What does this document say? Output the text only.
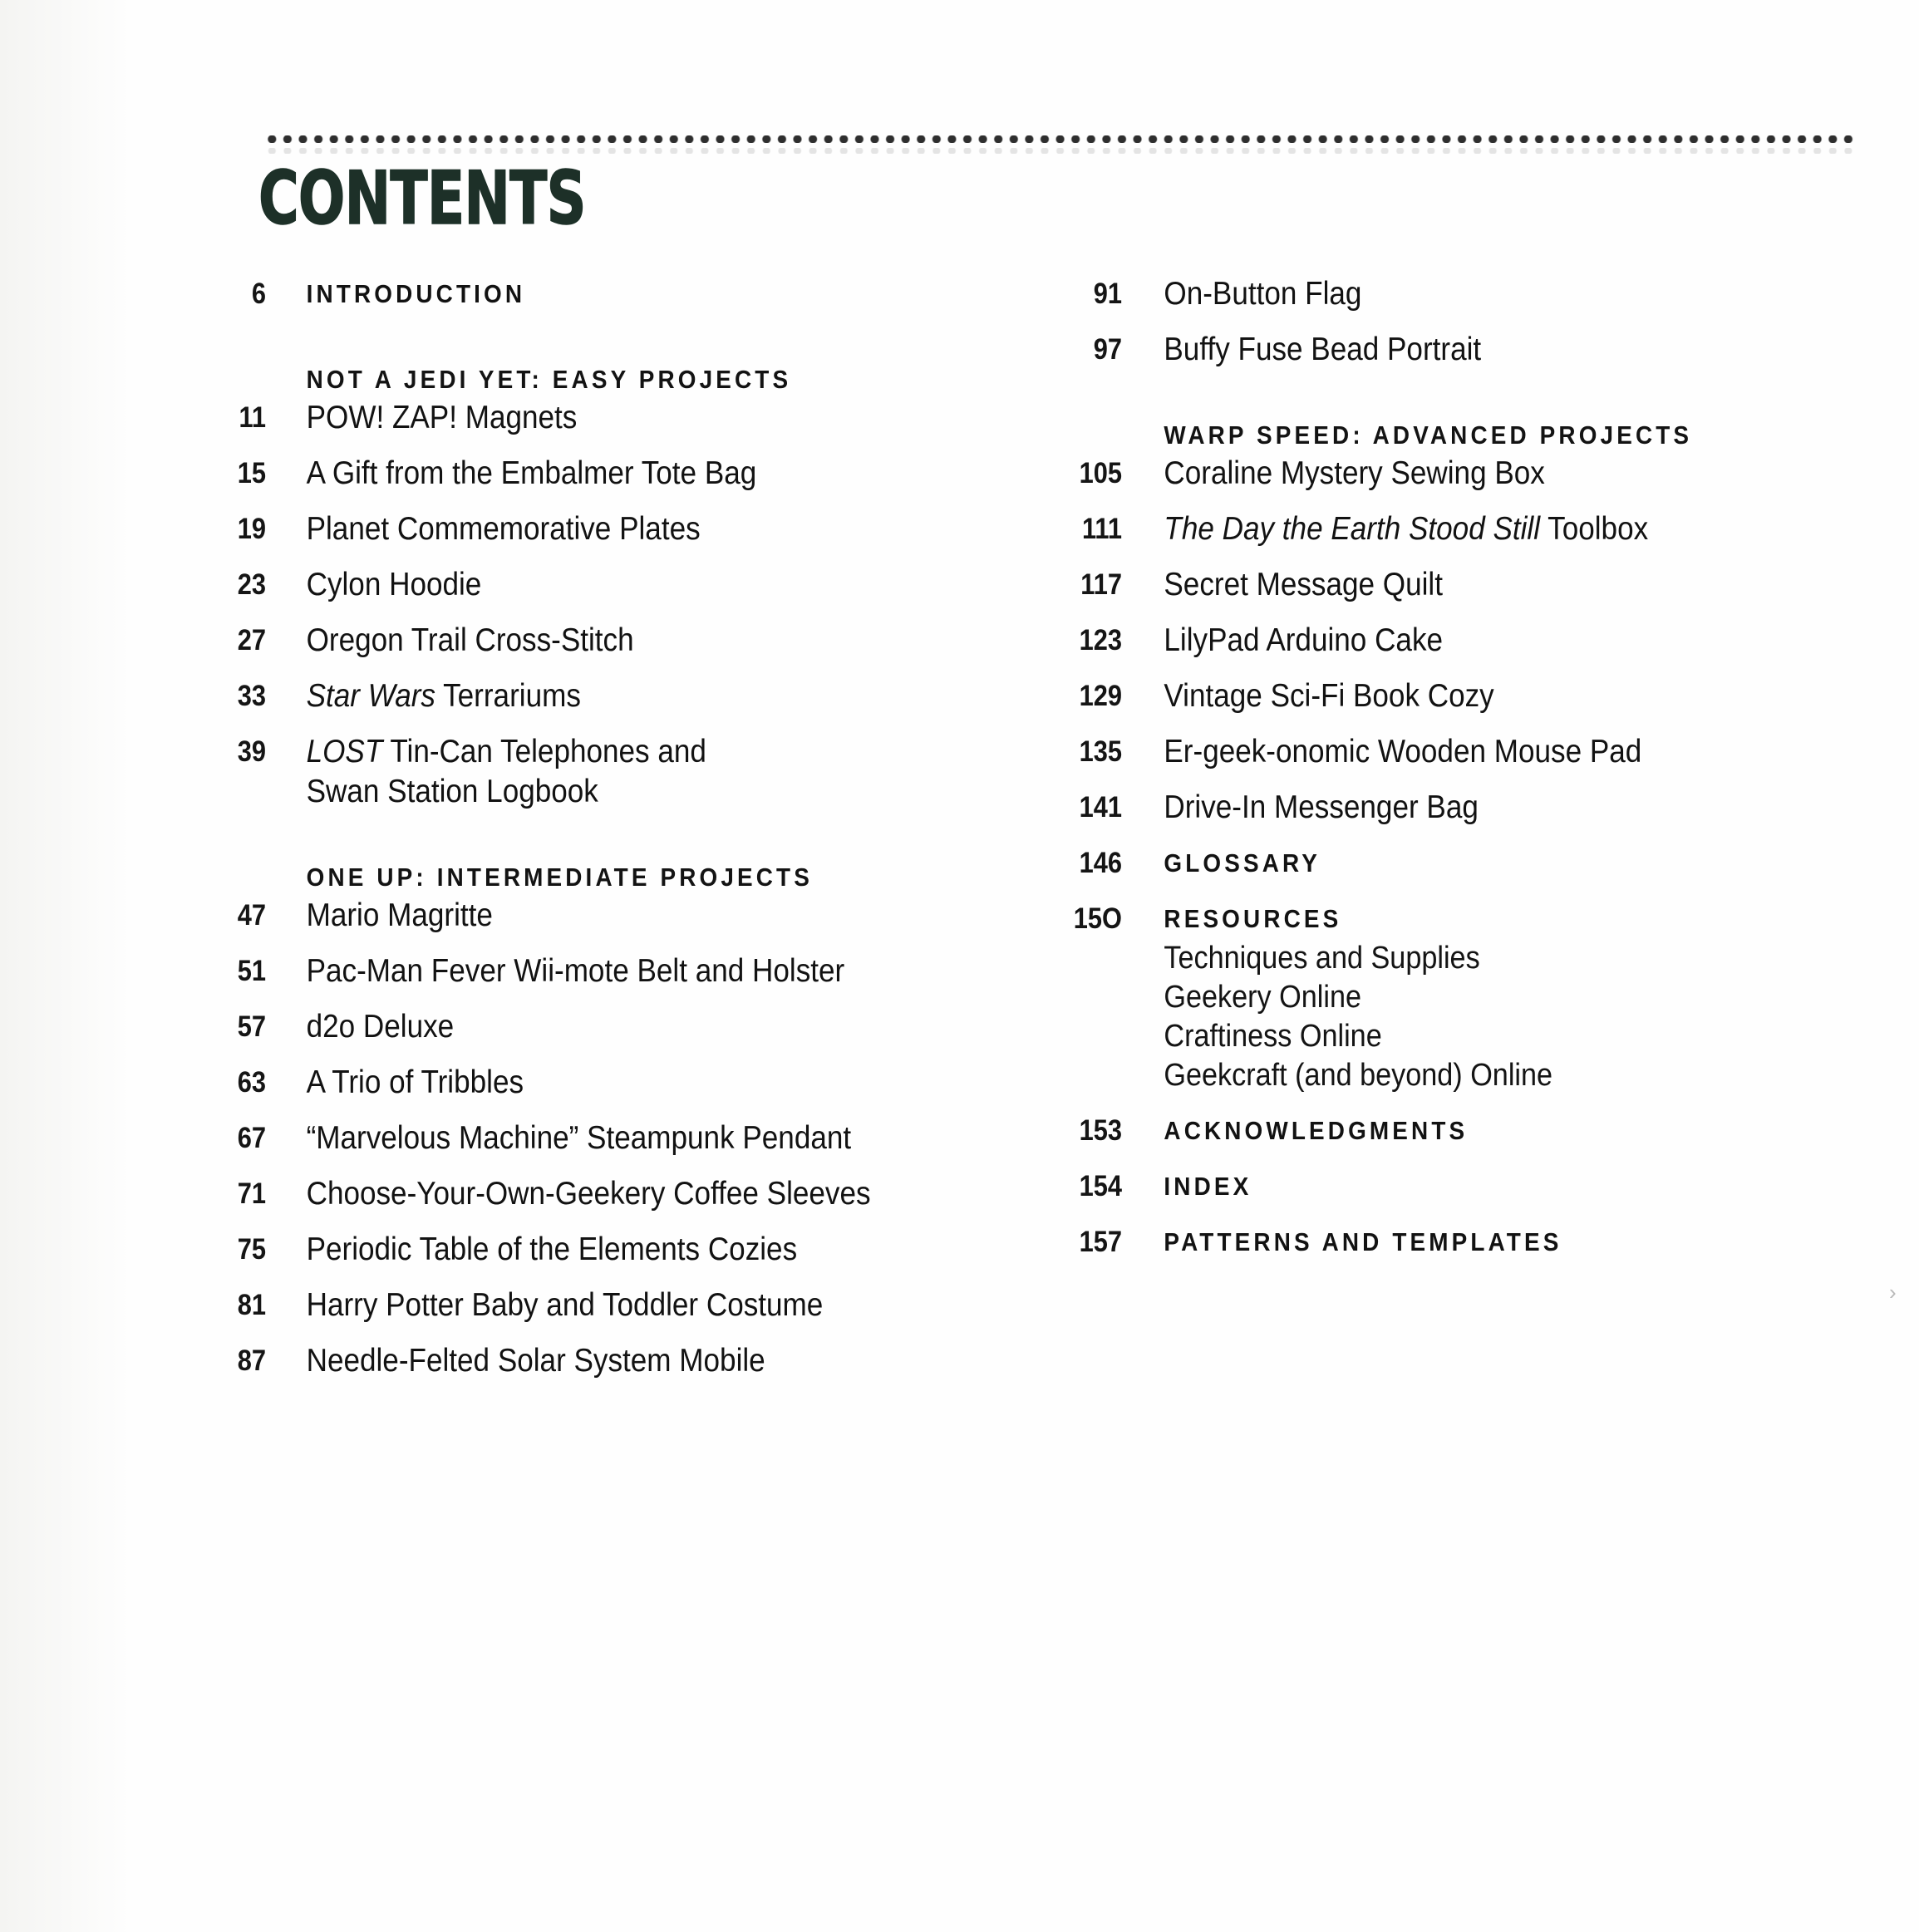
CONTENTS
6	INTRODUCTION
NOT A JEDI YET: EASY PROJECTS
11	POW! ZAP! Magnets
15	A Gift from the Embalmer Tote Bag
19	Planet Commemorative Plates
23	Cylon Hoodie
27	Oregon Trail Cross-Stitch
33	Star Wars Terrariums
39	LOST Tin-Can Telephones and
Swan Station Logbook
ONE UP: INTERMEDIATE PROJECTS
47	Mario Magritte
51	Pac-Man Fever Wii-mote Belt and Holster
57	d2o Deluxe
63	A Trio of Tribbles
67	“Marvelous Machine” Steampunk Pendant
71	Choose-Your-Own-Geekery Coffee Sleeves
75	Periodic Table of the Elements Cozies
81	Harry Potter Baby and Toddler Costume
87	Needle-Felted Solar System Mobile
91	On-Button Flag
97	Buffy Fuse Bead Portrait
WARP SPEED: ADVANCED PROJECTS
105	Coraline Mystery Sewing Box
111	The Day the Earth Stood Still Toolbox
117	Secret Message Quilt
123	LilyPad Arduino Cake
129	Vintage Sci-Fi Book Cozy
135	Er-geek-onomic Wooden Mouse Pad
141	Drive-In Messenger Bag
146	GLOSSARY
15O	RESOURCES
Techniques and Supplies
Geekery Online
Craftiness Online
Geekcraft (and beyond) Online
153	ACKNOWLEDGMENTS
154	INDEX
157	PATTERNS AND TEMPLATES
›
